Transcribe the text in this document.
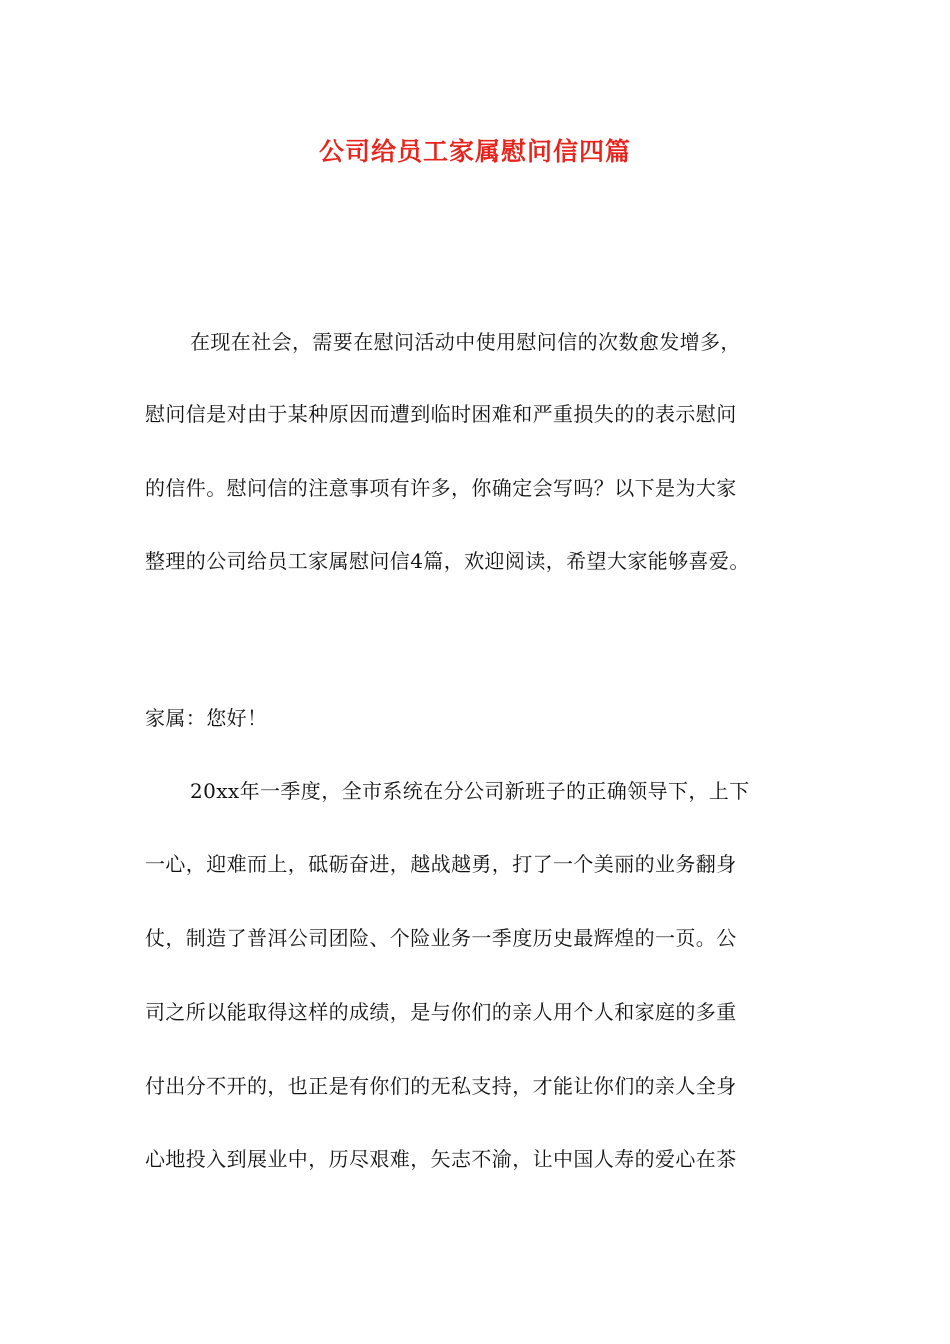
公司给员工家属慰问信四篇
在现在社会，需要在慰问活动中使用慰问信的次数愈发增多，
慰问信是对由于某种原因而遭到临时困难和严重损失的的表示慰问
的信件。慰问信的注意事项有许多，你确定会写吗？以下是为大家
整理的公司给员工家属慰问信4篇，欢迎阅读，希望大家能够喜爱。
家属：您好！
20xx年一季度，全市系统在分公司新班子的正确领导下，上下
一心，迎难而上，砥砺奋进，越战越勇，打了一个美丽的业务翻身
仗，制造了普洱公司团险、个险业务一季度历史最辉煌的一页。公
司之所以能取得这样的成绩，是与你们的亲人用个人和家庭的多重
付出分不开的，也正是有你们的无私支持，才能让你们的亲人全身
心地投入到展业中，历尽艰难，矢志不渝，让中国人寿的爱心在茶
